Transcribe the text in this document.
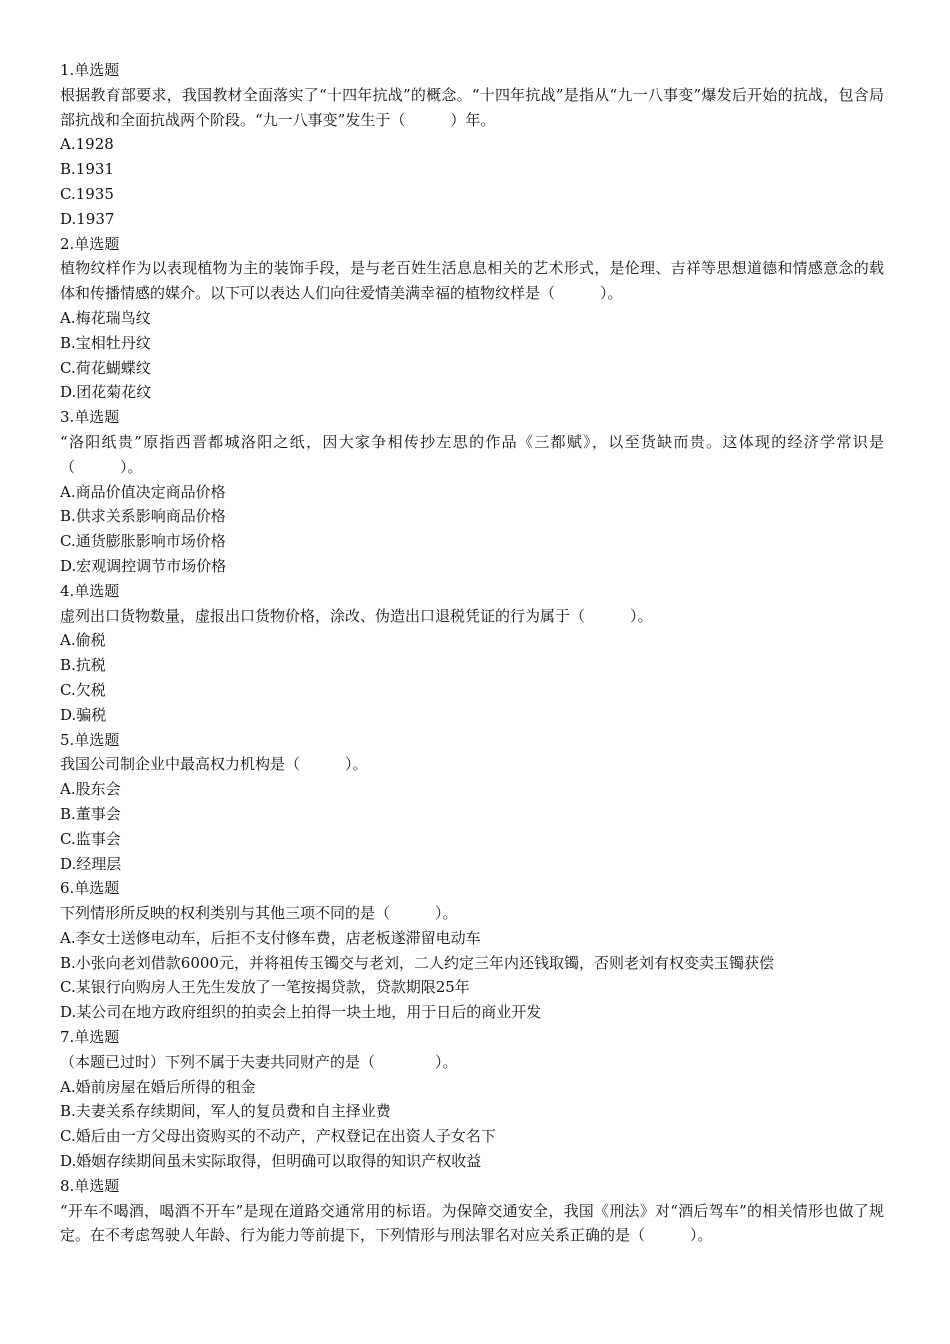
1.单选题

根据教育部要求，我国教材全面落实了“十四年抗战”的概念。“十四年抗战”是指从“九一八事变”爆发后开始的抗战，包含局部抗战和全面抗战两个阶段。“九一八事变”发生于（　　　）年。

A.1928
B.1931
C.1935
D.1937
2.单选题

植物纹样作为以表现植物为主的装饰手段，是与老百姓生活息息相关的艺术形式，是伦理、吉祥等思想道德和情感意念的载体和传播情感的媒介。以下可以表达人们向往爱情美满幸福的植物纹样是（　　　）。

A.梅花瑞鸟纹
B.宝相牡丹纹
C.荷花蝴蝶纹
D.团花菊花纹
3.单选题

“洛阳纸贵”原指西晋都城洛阳之纸，因大家争相传抄左思的作品《三都赋》，以至货缺而贵。这体现的经济学常识是（　　　）。

A.商品价值决定商品价格
B.供求关系影响商品价格
C.通货膨胀影响市场价格
D.宏观调控调节市场价格
4.单选题

虚列出口货物数量，虚报出口货物价格，涂改、伪造出口退税凭证的行为属于（　　　）。

A.偷税
B.抗税
C.欠税
D.骗税
5.单选题

我国公司制企业中最高权力机构是（　　　）。

A.股东会
B.董事会
C.监事会
D.经理层
6.单选题

下列情形所反映的权利类别与其他三项不同的是（　　　）。

A.李女士送修电动车，后拒不支付修车费，店老板遂滞留电动车
B.小张向老刘借款6000元，并将祖传玉镯交与老刘，二人约定三年内还钱取镯，否则老刘有权变卖玉镯获偿
C.某银行向购房人王先生发放了一笔按揭贷款，贷款期限25年
D.某公司在地方政府组织的拍卖会上拍得一块土地，用于日后的商业开发
7.单选题

（本题已过时）下列不属于夫妻共同财产的是（　　　　）。

A.婚前房屋在婚后所得的租金
B.夫妻关系存续期间，军人的复员费和自主择业费
C.婚后由一方父母出资购买的不动产，产权登记在出资人子女名下
D.婚姻存续期间虽未实际取得，但明确可以取得的知识产权收益
8.单选题

“开车不喝酒，喝酒不开车”是现在道路交通常用的标语。为保障交通安全，我国《刑法》对“酒后驾车”的相关情形也做了规定。在不考虑驾驶人年龄、行为能力等前提下，下列情形与刑法罪名对应关系正确的是（　　　）。
